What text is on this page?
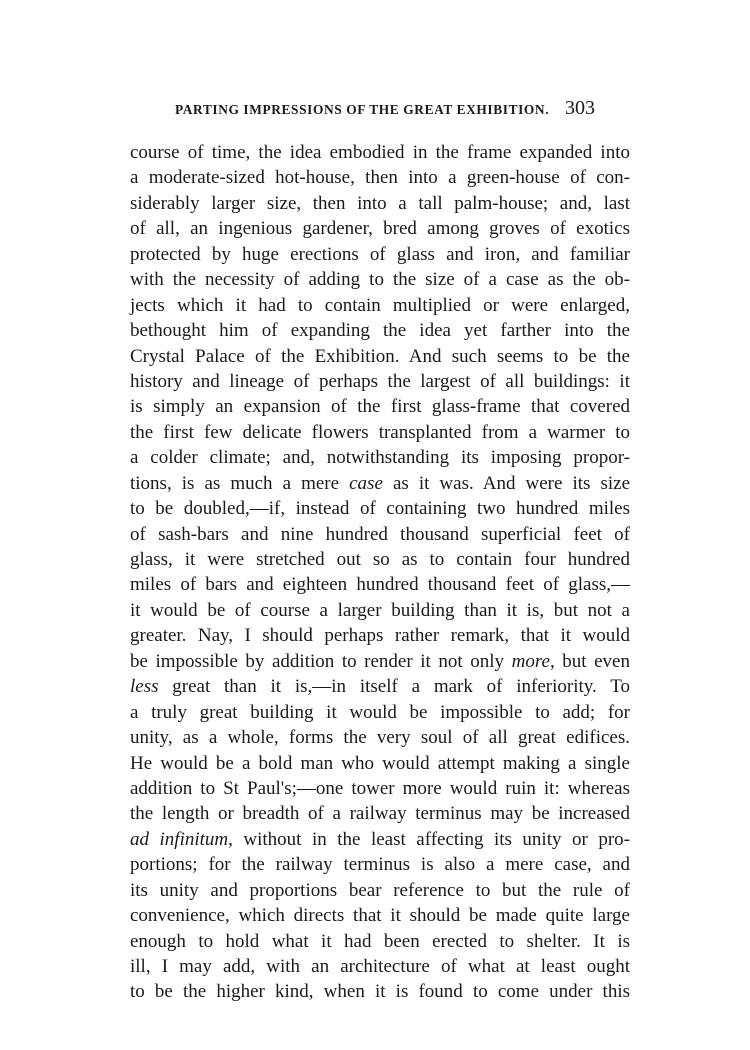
PARTING IMPRESSIONS OF THE GREAT EXHIBITION. 303
course of time, the idea embodied in the frame expanded into
a moderate-sized hot-house, then into a green-house of con-
siderably larger size, then into a tall palm-house; and, last
of all, an ingenious gardener, bred among groves of exotics
protected by huge erections of glass and iron, and familiar
with the necessity of adding to the size of a case as the ob-
jects which it had to contain multiplied or were enlarged,
bethought him of expanding the idea yet farther into the
Crystal Palace of the Exhibition. And such seems to be the
history and lineage of perhaps the largest of all buildings: it
is simply an expansion of the first glass-frame that covered
the first few delicate flowers transplanted from a warmer to
a colder climate; and, notwithstanding its imposing propor-
tions, is as much a mere case as it was. And were its size
to be doubled,—if, instead of containing two hundred miles
of sash-bars and nine hundred thousand superficial feet of
glass, it were stretched out so as to contain four hundred
miles of bars and eighteen hundred thousand feet of glass,—
it would be of course a larger building than it is, but not a
greater. Nay, I should perhaps rather remark, that it would
be impossible by addition to render it not only more, but even
less great than it is,—in itself a mark of inferiority. To
a truly great building it would be impossible to add; for
unity, as a whole, forms the very soul of all great edifices.
He would be a bold man who would attempt making a single
addition to St Paul's;—one tower more would ruin it: whereas
the length or breadth of a railway terminus may be increased
ad infinitum, without in the least affecting its unity or pro-
portions; for the railway terminus is also a mere case, and
its unity and proportions bear reference to but the rule of
convenience, which directs that it should be made quite large
enough to hold what it had been erected to shelter. It is
ill, I may add, with an architecture of what at least ought
to be the higher kind, when it is found to come under this
